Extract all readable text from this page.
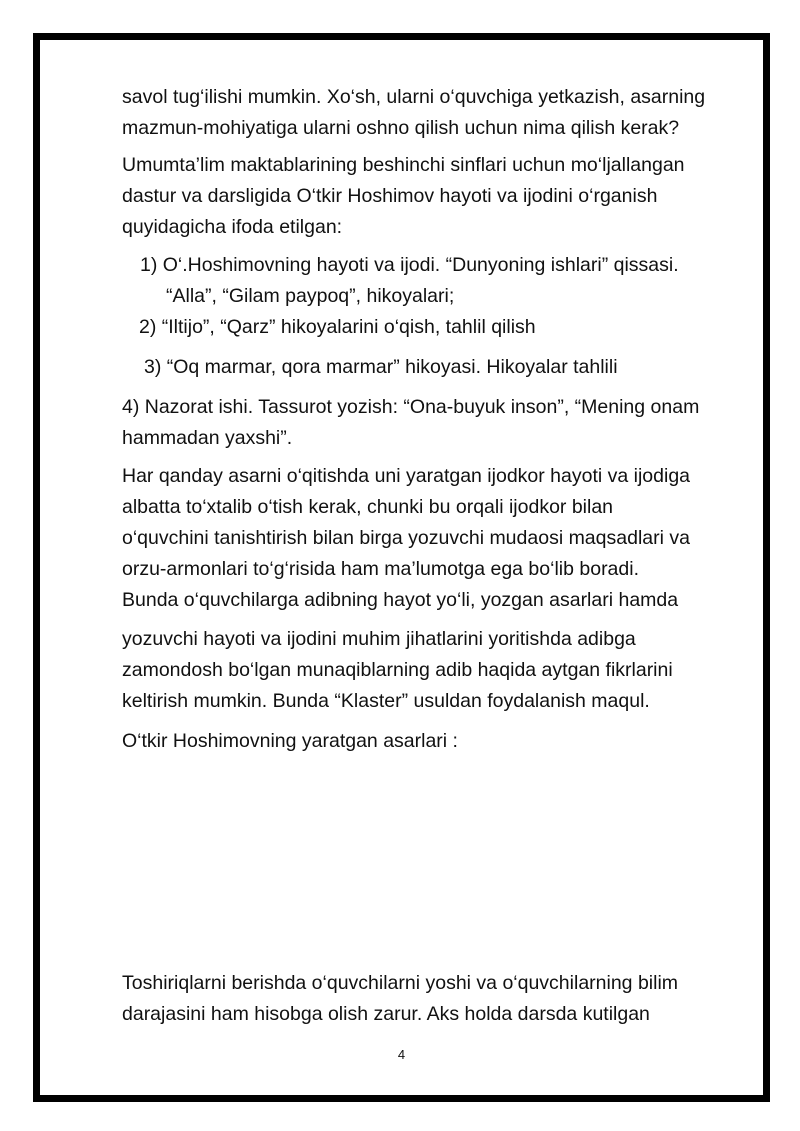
savol tug‘ilishi mumkin. Xo‘sh, ularni o‘quvchiga yetkazish, asarning
mazmun-mohiyatiga ularni oshno qilish uchun nima qilish kerak?

Umumta’lim maktablarining beshinchi sinflari uchun mo‘ljallangan
dastur va darsligida O‘tkir Hoshimov hayoti va ijodini o‘rganish
quyidagicha ifoda etilgan:

1) O‘.Hoshimovning hayoti va ijodi. “Dunyoning ishlari” qissasi.
“Alla”, “Gilam paypoq”, hikoyalari;

2) “Iltijo”, “Qarz” hikoyalarini o‘qish, tahlil qilish

3) “Oq marmar, qora marmar” hikoyasi. Hikoyalar tahlili

4) Nazorat ishi. Tassurot yozish: “Ona-buyuk inson”, “Mening onam
hammadan yaxshi”.

Har qanday asarni o‘qitishda uni yaratgan ijodkor hayoti va ijodiga
albatta to‘xtalib o‘tish kerak, chunki bu orqali ijodkor bilan
o‘quvchini tanishtirish bilan birga yozuvchi mudaosi maqsadlari va
orzu-armonlari to‘g‘risida ham ma’lumotga ega bo‘lib boradi.
Bunda o‘quvchilarga adibning hayot yo‘li, yozgan asarlari hamda

yozuvchi hayoti va ijodini muhim jihatlarini yoritishda adibga
zamondosh bo‘lgan munaqiblarning adib haqida aytgan fikrlarini
keltirish mumkin. Bunda “Klaster” usuldan foydalanish maqul.

O‘tkir Hoshimovning yaratgan asarlari :

Toshiriqlarni berishda o‘quvchilarni yoshi va o‘quvchilarning bilim
darajasini ham hisobga olish zarur. Aks holda darsda kutilgan

4
